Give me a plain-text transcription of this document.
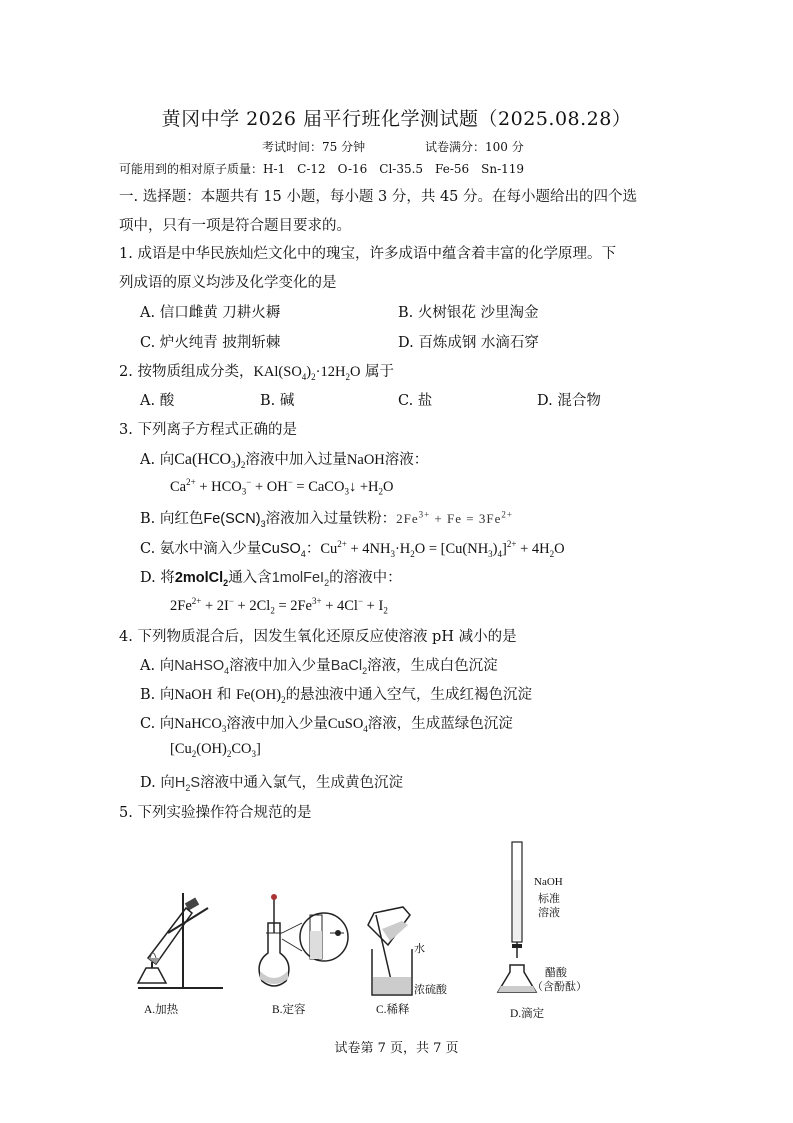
黄冈中学 2026 届平行班化学测试题（2025.08.28）
考试时间：75 分钟	试卷满分：100 分
可能用到的相对原子质量：H-1　C-12　O-16　Cl-35.5　Fe-56　Sn-119
一. 选择题：本题共有 15 小题，每小题 3 分，共 45 分。在每小题给出的四个选
项中，只有一项是符合题目要求的。
1. 成语是中华民族灿烂文化中的瑰宝，许多成语中蕴含着丰富的化学原理。下
列成语的原义均涉及化学变化的是
A. 信口雌黄 刀耕火耨	B. 火树银花 沙里淘金
C. 炉火纯青 披荆斩棘	D. 百炼成钢 水滴石穿
2. 按物质组成分类，$KAl(SO_4)_2\cdot 12H_2O$ 属于
A. 酸	B. 碱	C. 盐	D. 混合物
3. 下列离子方程式正确的是
A. 向$Ca(HCO_3)_2$溶液中加入过量NaOH溶液：
$Ca^{2+} + HCO_3^- + OH^-$ = CaCO$_3$↓ $+H_2O$
B. 向红色$Fe(SCN)_3$溶液加入过量铁粉：$2Fe^{3+} + Fe = 3Fe^{2+}$
C. 氨水中滴入少量CuSO$_4$：$Cu^{2+} + 4NH_3\cdot H_2O = [Cu(NH_3)_4]^{2+} + 4H_2O$
D. 将2molCl$_2$通入含1molFeI$_2$的溶液中：
$2Fe^{2+} + 2I^- + 2Cl_2 = 2Fe^{3+} + 4Cl^- + I_2$
4. 下列物质混合后，因发生氧化还原反应使溶液 pH 减小的是
A. 向NaHSO$_4$溶液中加入少量BaCl$_2$溶液，生成白色沉淀
B. 向NaOH 和 $Fe(OH)_2$的悬浊液中通入空气，生成红褐色沉淀
C. 向NaHCO$_3$溶液中加入少量CuSO$_4$溶液，生成蓝绿色沉淀
$[Cu_2(OH)_2CO_3]$
D. 向$H_2S$溶液中通入氯气，生成黄色沉淀
5. 下列实验操作符合规范的是
A.加热	B.定容
水
浓硫酸
C.稀释
NaOH
标准
溶液
醋酸
（含酚酞）
D.滴定
试卷第 7 页，共 7 页
